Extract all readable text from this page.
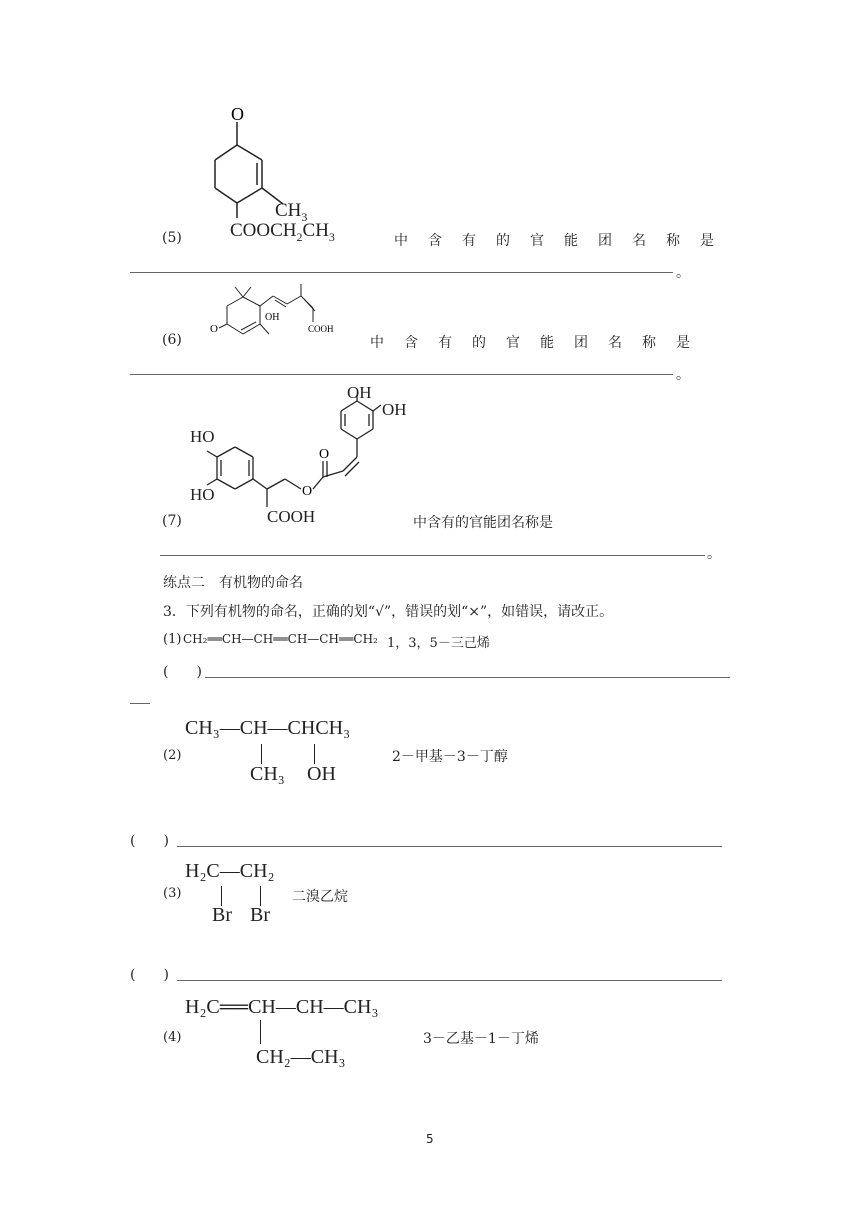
O
$CH_3$
$COOCH_2CH_3$
(5)	中含有的官能团名称是
。
OH
COOH
O
(6)	中含有的官能团名称是
。
O
O
HO
HO
OH
OH
COOH
(7)	中含有的官能团名称是
。
练点二　有机物的命名
3．下列有机物的命名，正确的划“√”，错误的划“×”，如错误，请改正。
(1) CH₂══CH—CH══CH—CH══CH₂ 1，3，5－三己烯
(　　)
(2)
CH₃—CH—CHCH₃
CH₃ OH
2－甲基－3－丁醇
(　　)
(3)
H₂C—CH₂
Br Br
二溴乙烷
(　　)
(4)
H₂C══CH—CH—CH₃
CH₂—CH₃
3－乙基－1－丁烯
5
